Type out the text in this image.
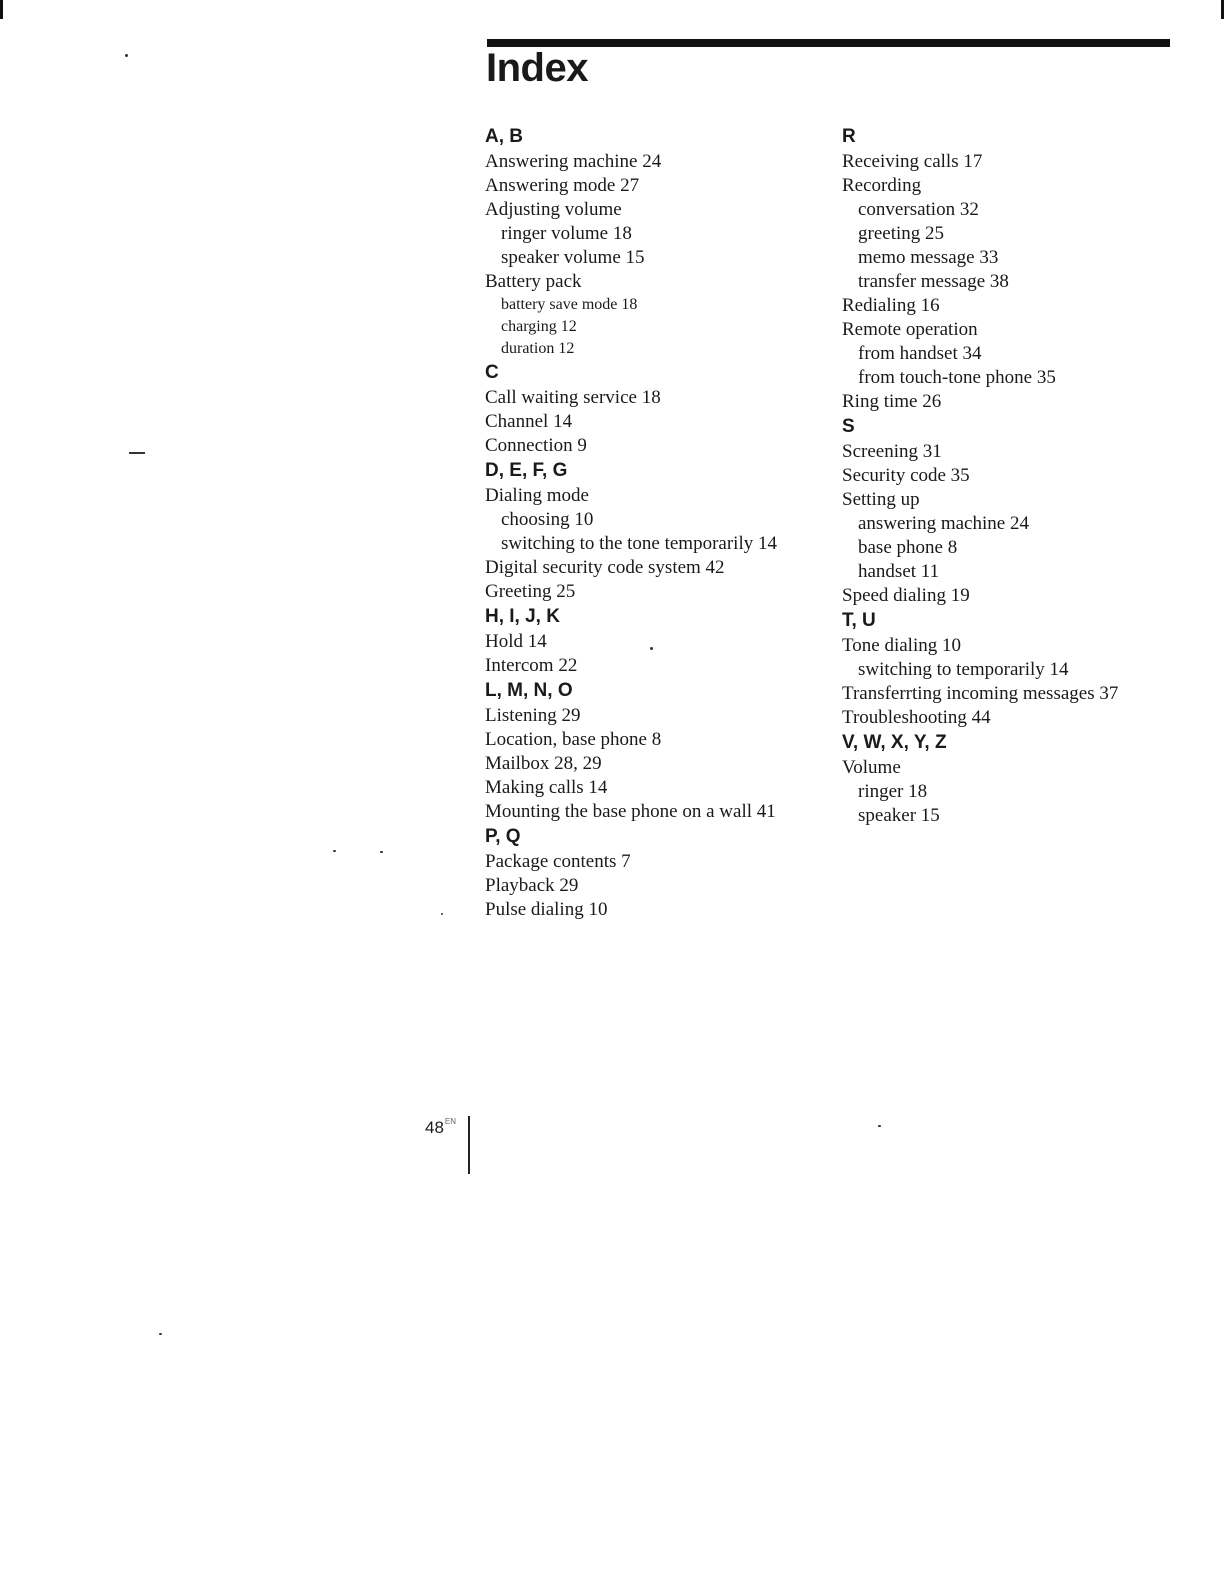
Index
A, B
Answering machine 24
Answering mode 27
Adjusting volume
ringer volume 18
speaker volume 15
Battery pack
battery save mode 18
charging 12
duration 12
C
Call waiting service 18
Channel 14
Connection 9
D, E, F, G
Dialing mode
choosing 10
switching to the tone temporarily 14
Digital security code system 42
Greeting 25
H, I, J, K
Hold 14
Intercom 22
L, M, N, O
Listening 29
Location, base phone 8
Mailbox 28, 29
Making calls 14
Mounting the base phone on a wall 41
P, Q
Package contents 7
Playback 29
Pulse dialing 10
R
Receiving calls 17
Recording
conversation 32
greeting 25
memo message 33
transfer message 38
Redialing 16
Remote operation
from handset 34
from touch-tone phone 35
Ring time 26
S
Screening 31
Security code 35
Setting up
answering machine 24
base phone 8
handset 11
Speed dialing 19
T, U
Tone dialing 10
switching to temporarily 14
Transferrting incoming messages 37
Troubleshooting 44
V, W, X, Y, Z
Volume
ringer 18
speaker 15
$48^{EN}$
